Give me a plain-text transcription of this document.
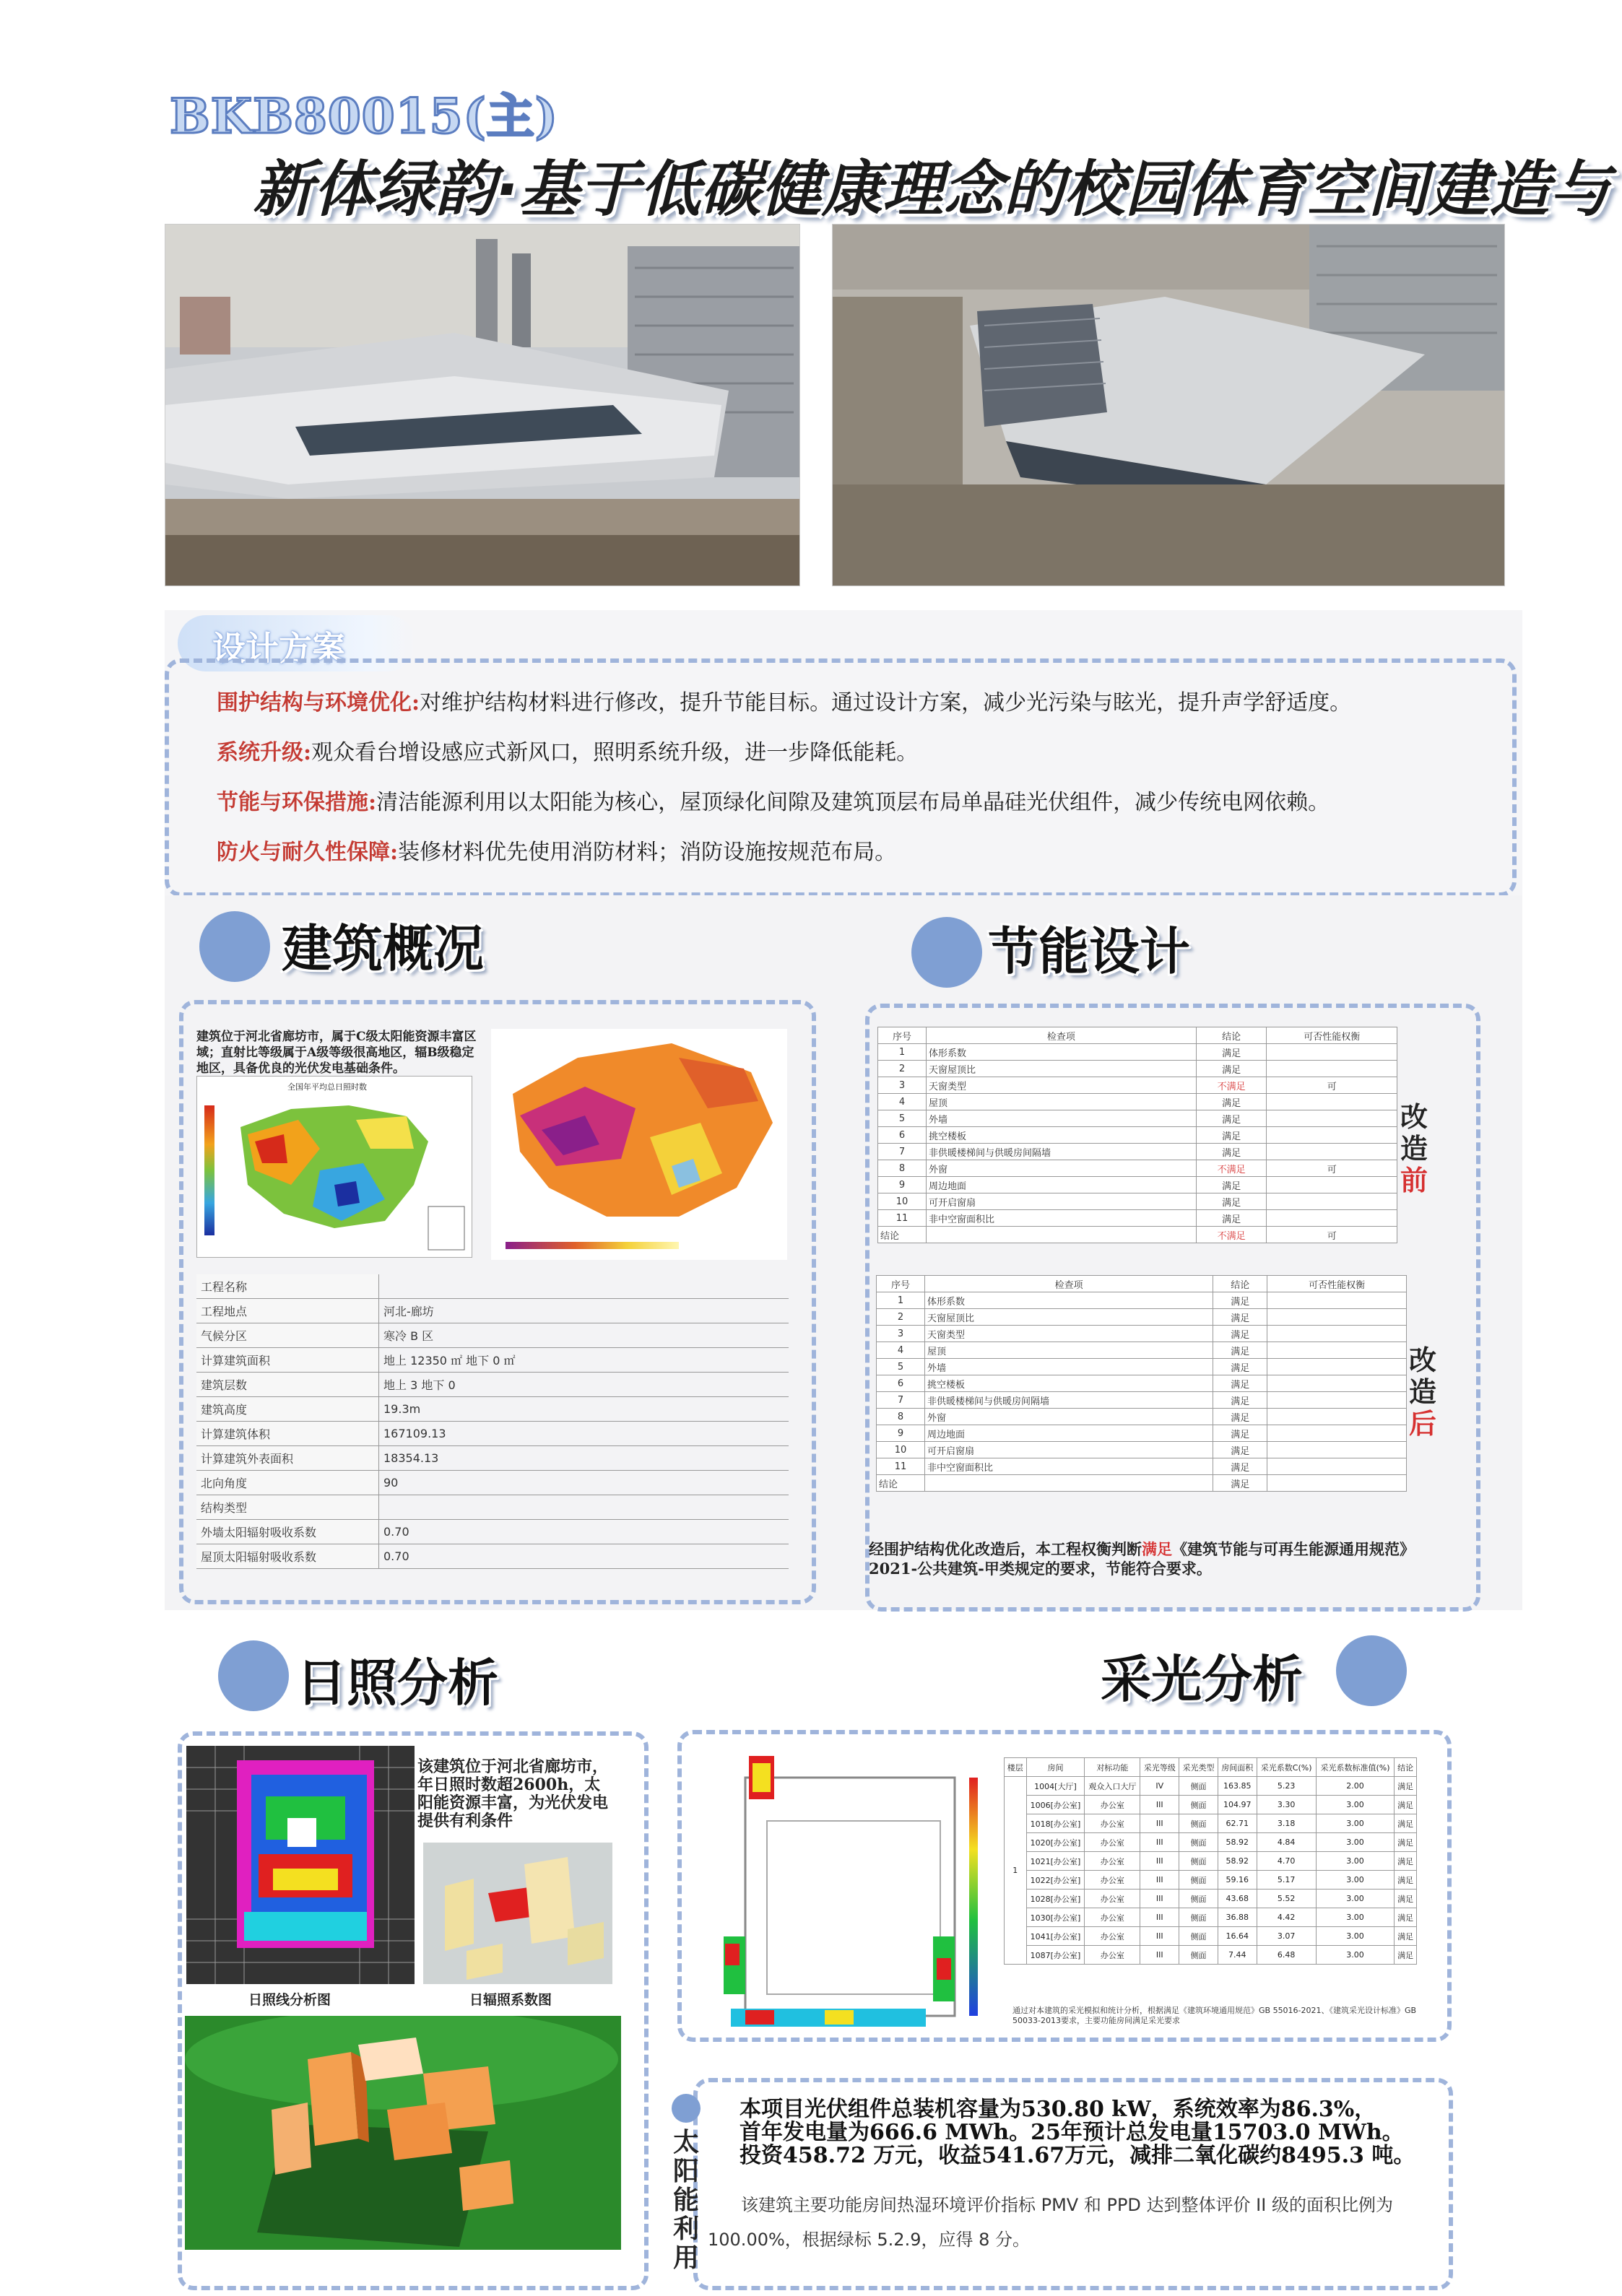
BKB80015(主)
新体绿韵·基于低碳健康理念的校园体育空间建造与
设计方案
围护结构与环境优化:对维护结构材料进行修改，提升节能目标。通过设计方案，减少光污染与眩光，提升声学舒适度。
系统升级:观众看台增设感应式新风口，照明系统升级，进一步降低能耗。
节能与环保措施:清洁能源利用以太阳能为核心，屋顶绿化间隙及建筑顶层布局单晶硅光伏组件，减少传统电网依赖。
防火与耐久性保障:装修材料优先使用消防材料；消防设施按规范布局。
建筑概况
建筑位于河北省廊坊市，属于C级太阳能资源丰富区域；直射比等级属于A级等级很高地区，辐B级稳定地区，具备优良的光伏发电基础条件。
全国年平均总日照时数
工程名称	
工程地点	河北-廊坊
气候分区	寒冷 B 区
计算建筑面积	地上 12350 ㎡ 地下 0 ㎡
建筑层数	地上 3 地下 0
建筑高度	19.3m
计算建筑体积	167109.13
计算建筑外表面积	18354.13
北向角度	90
结构类型	
外墙太阳辐射吸收系数	0.70
屋顶太阳辐射吸收系数	0.70
节能设计
序号	检查项	结论	可否性能权衡
1	体形系数	满足	
2	天窗屋顶比	满足	
3	天窗类型	不满足	可
4	屋顶	满足	
5	外墙	满足	
6	挑空楼板	满足	
7	非供暖楼梯间与供暖房间隔墙	满足	
8	外窗	不满足	可
9	周边地面	满足	
10	可开启窗扇	满足	
11	非中空窗面积比	满足	
结论		不满足	可
改
造
前
序号	检查项	结论	可否性能权衡
1	体形系数	满足	
2	天窗屋顶比	满足	
3	天窗类型	满足	
4	屋顶	满足	
5	外墙	满足	
6	挑空楼板	满足	
7	非供暖楼梯间与供暖房间隔墙	满足	
8	外窗	满足	
9	周边地面	满足	
10	可开启窗扇	满足	
11	非中空窗面积比	满足	
结论		满足	
改
造
后
经围护结构优化改造后，本工程权衡判断满足《建筑节能与可再生能源通用规范》2021-公共建筑-甲类规定的要求，节能符合要求。
日照分析
该建筑位于河北省廊坊市，年日照时数超2600h，太阳能资源丰富，为光伏发电提供有利条件
日照线分析图	日辐照系数图
采光分析
楼层	房间	对标功能	采光等级	采光类型	房间面积	采光系数C(%)	采光系数标准值(%)	结论
1	1004[大厅]	观众入口大厅	IV	侧面	163.85	5.23	2.00	满足
	1006[办公室]	办公室	III	侧面	104.97	3.30	3.00	满足
	1018[办公室]	办公室	III	侧面	62.71	3.18	3.00	满足
	1020[办公室]	办公室	III	侧面	58.92	4.84	3.00	满足
	1021[办公室]	办公室	III	侧面	58.92	4.70	3.00	满足
	1022[办公室]	办公室	III	侧面	59.16	5.17	3.00	满足
	1028[办公室]	办公室	III	侧面	43.68	5.52	3.00	满足
	1030[办公室]	办公室	III	侧面	36.88	4.42	3.00	满足
	1041[办公室]	办公室	III	侧面	16.64	3.07	3.00	满足
	1087[办公室]	办公室	III	侧面	7.44	6.48	3.00	满足
通过对本建筑的采光模拟和统计分析，根据满足《建筑环境通用规范》GB 55016-2021、《建筑采光设计标准》GB 50033-2013要求，主要功能房间满足采光要求
太
阳
能
利
用
本项目光伏组件总装机容量为530.80 kW，系统效率为86.3%，
首年发电量为666.6 MWh。25年预计总发电量15703.0 MWh。
投资458.72 万元，收益541.67万元，减排二氧化碳约8495.3 吨。
该建筑主要功能房间热湿环境评价指标 PMV 和 PPD 达到整体评价 II 级的面积比例为
100.00%，根据绿标 5.2.9，应得 8 分。
